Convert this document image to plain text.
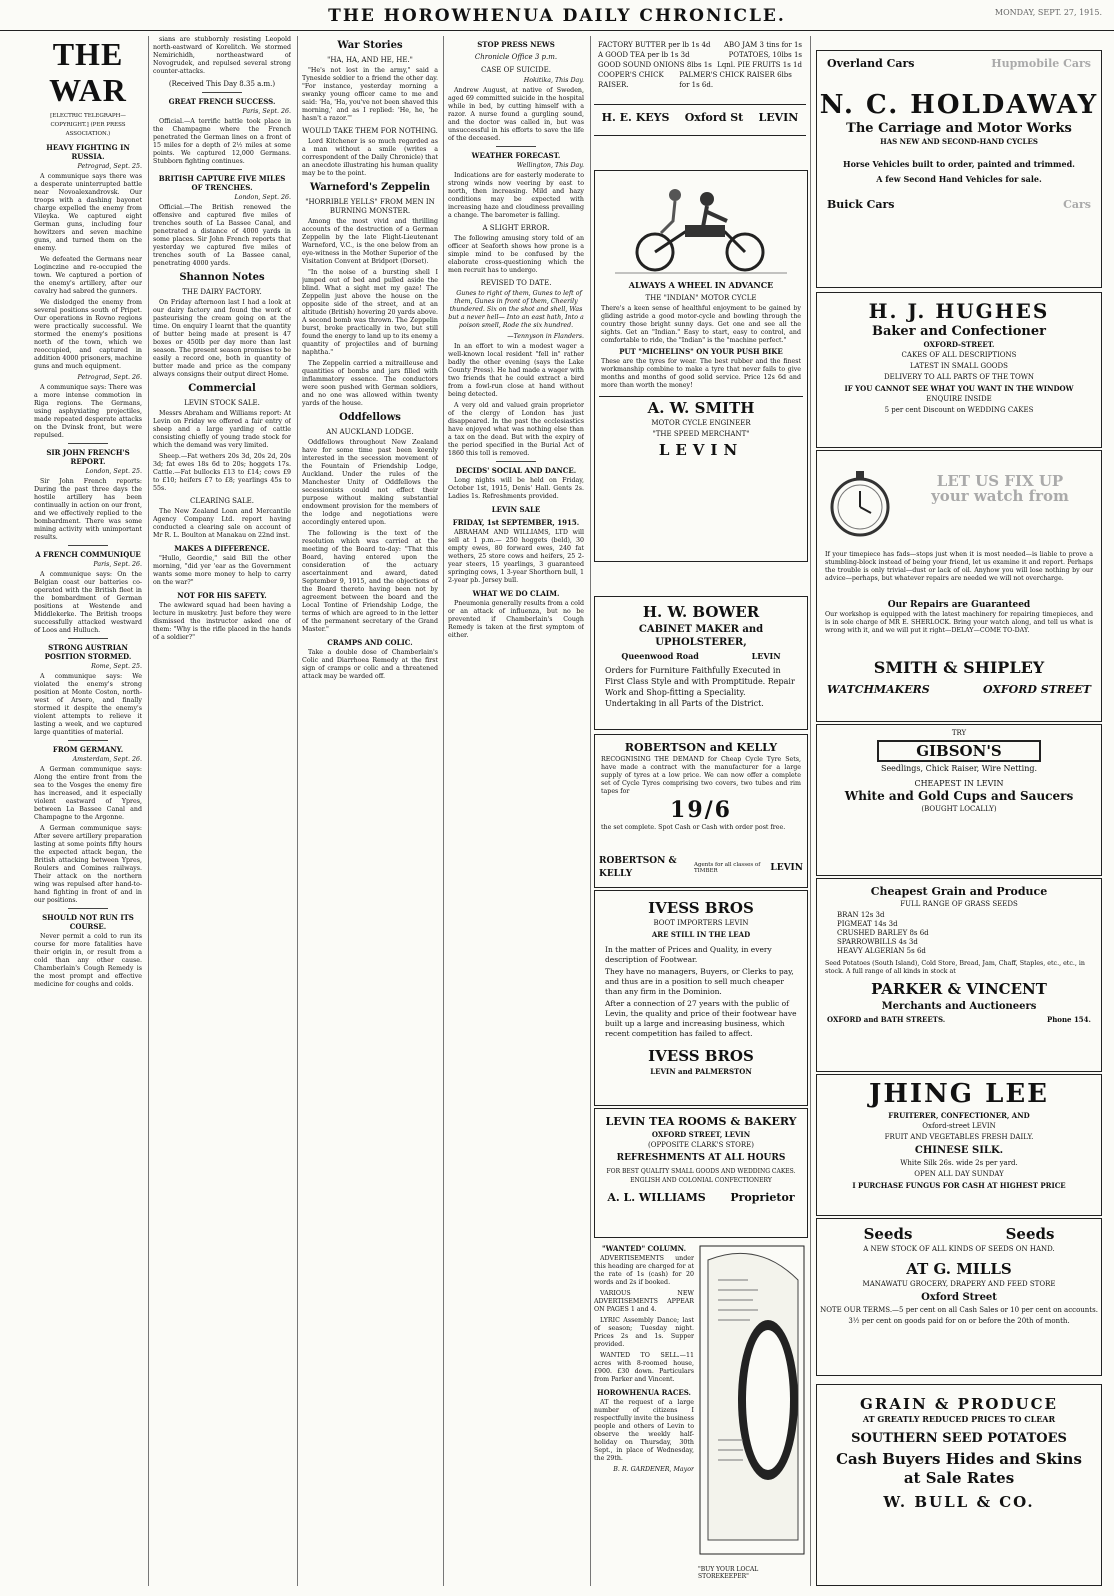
THE HOROWHENUA DAILY CHRONICLE.	MONDAY, SEPT. 27, 1915.
THE WAR
[ELECTRIC TELEGRAPH—COPYRIGHT.] (PER PRESS ASSOCIATION.)
HEAVY FIGHTING IN RUSSIA.
Petrograd, Sept. 25.

A communique says there was a desperate uninterrupted battle near Novoalexandrovsk. Our troops with a dashing bayonet charge expelled the enemy from Vileyka. We captured eight German guns, including four howitzers and seven machine guns, and turned them on the enemy.

We defeated the Germans near Loginczine and re-occupied the town. We captured a portion of the enemy's artillery, after our cavalry had sabred the gunners.

We dislodged the enemy from several positions south of Pripet. Our operations in Rovno regions were practically successful. We stormed the enemy's positions north of the town, which we reoccupied, and captured in addition 4000 prisoners, machine guns and much equipment.

Petrograd, Sept. 26.

A communique says: There was a more intense commotion in Riga regions. The Germans, using asphyxiating projectiles, made repeated desperate attacks on the Dvinsk front, but were repulsed.

SIR JOHN FRENCH'S REPORT.
London, Sept. 25.

Sir John French reports: During the past three days the hostile artillery has been continually in action on our front, and we effectively replied to the bombardment. There was some mining activity with unimportant results.

A FRENCH COMMUNIQUE
Paris, Sept. 26.

A communique says: On the Belgian coast our batteries co-operated with the British fleet in the bombardment of German positions at Westende and Middlekerke. The British troops successfully attacked westward of Loos and Hulluch.

STRONG AUSTRIAN POSITION STORMED.
Rome, Sept. 25.

A communique says: We violated the enemy's strong position at Monte Coston, north-west of Arsero, and finally stormed it despite the enemy's violent attempts to relieve it lasting a week, and we captured large quantities of material.

FROM GERMANY.
Amsterdam, Sept. 26.

A German communique says: Along the entire front from the sea to the Vosges the enemy fire has increased, and it especially violent eastward of Ypres, between La Bassee Canal and Champagne to the Argonne.

A German communique says: After severe artillery preparation lasting at some points fifty hours the expected attack began, the British attacking between Ypres, Roulers and Comines railways. Their attack on the northern wing was repulsed after hand-to-hand fighting in front of and in our positions.

SHOULD NOT RUN ITS COURSE.

Never permit a cold to run its course for more fatalities have their origin in, or result from a cold than any other cause. Chamberlain's Cough Remedy is the most prompt and effective medicine for coughs and colds.

sians are stubbornly resisting Leopold north-eastward of Korelitch. We stormed Nemirichidh, northeastward of Novogrudek, and repulsed several strong counter-attacks.

(Received This Day 8.35 a.m.)
GREAT FRENCH SUCCESS.
Paris, Sept. 26.

Official.—A terrific battle took place in the Champagne where the French penetrated the German lines on a front of 15 miles for a depth of 2½ miles at some points. We captured 12,000 Germans. Stubborn fighting continues.

BRITISH CAPTURE FIVE MILES OF TRENCHES.
London, Sept. 26.

Official.—The British renewed the offensive and captured five miles of trenches south of La Bassee Canal, and penetrated a distance of 4000 yards in some places. Sir John French reports that yesterday we captured five miles of trenches south of La Bassee canal, penetrating 4000 yards.

Shannon Notes
THE DAIRY FACTORY.

On Friday afternoon last I had a look at our dairy factory and found the work of pasteurising the cream going on at the time. On enquiry I learnt that the quantity of butter being made at present is 47 boxes or 450lb per day more than last season. The present season promises to be easily a record one, both in quantity of butter made and price as the company always consigns their output direct Home.

Commercial
LEVIN STOCK SALE.

Messrs Abraham and Williams report: At Levin on Friday we offered a fair entry of sheep and a large yarding of cattle consisting chiefly of young trade stock for which the demand was very limited.

Sheep.—Fat wethers 20s 3d, 20s 2d, 20s 3d; fat ewes 18s 6d to 20s; hoggets 17s. Cattle.—Fat bullocks £13 to £14; cows £9 to £10; heifers £7 to £8; yearlings 45s to 55s.

CLEARING SALE.

The New Zealand Loan and Mercantile Agency Company Ltd. report having conducted a clearing sale on account of Mr R. L. Boulton at Manakau on 22nd inst.

MAKES A DIFFERENCE.

"Hullo, Geordie," said Bill the other morning, "did yer 'ear as the Government wants some more money to help to carry on the war?"

NOT FOR HIS SAFETY.

The awkward squad had been having a lecture in musketry. Just before they were dismissed the instructor asked one of them: "Why is the rifle placed in the hands of a soldier?"

War Stories
"HA, HA, AND HE, HE."

"He's not lost in the army," said a Tyneside soldier to a friend the other day. "For instance, yesterday morning a swanky young officer came to me and said: 'Ha, 'Ha, you've not been shaved this morning,' and as I replied: 'He, he, 'he hasn't a razor.'"

WOULD TAKE THEM FOR NOTHING.

Lord Kitchener is so much regarded as a man without a smile (writes a correspondent of the Daily Chronicle) that an anecdote illustrating his human quality may be to the point.

Warneford's Zeppelin
"HORRIBLE YELLS" FROM MEN IN BURNING MONSTER.

Among the most vivid and thrilling accounts of the destruction of a German Zeppelin by the late Flight-Lieutenant Warneford, V.C., is the one below from an eye-witness in the Mother Superior of the Visitation Convent at Bridport (Dorset).

"In the noise of a bursting shell I jumped out of bed and pulled aside the blind. What a sight met my gaze! The Zeppelin just above the house on the opposite side of the street, and at an altitude (British) hovering 20 yards above. A second bomb was thrown. The Zeppelin burst, broke practically in two, but still found the energy to land up to its enemy a quantity of projectiles and of burning naphtha."

The Zeppelin carried a mitrailleuse and quantities of bombs and jars filled with inflammatory essence. The conductors were soon pushed with German soldiers, and no one was allowed within twenty yards of the house.

Oddfellows
AN AUCKLAND LODGE.

Oddfellows throughout New Zealand have for some time past been keenly interested in the secession movement of the Fountain of Friendship Lodge, Auckland. Under the rules of the Manchester Unity of Oddfellows the secessionists could not effect their purpose without making substantial endowment provision for the members of the lodge and negotiations were accordingly entered upon.

The following is the text of the resolution which was carried at the meeting of the Board to-day: "That this Board, having entered upon the consideration of the actuary ascertainment and award, dated September 9, 1915, and the objections of the Board thereto having been not by agreement between the board and the Local Tontine of Friendship Lodge, the terms of which are agreed to in the letter of the permanent secretary of the Grand Master."

CRAMPS AND COLIC.

Take a double dose of Chamberlain's Colic and Diarrhoea Remedy at the first sign of cramps or colic and a threatened attack may be warded off.

STOP PRESS NEWS
Chronicle Office 3 p.m.
CASE OF SUICIDE.
Hokitika, This Day.

Andrew August, at native of Sweden, aged 69 committed suicide in the hospital while in bed, by cutting himself with a razor. A nurse found a gurgling sound, and the doctor was called in, but was unsuccessful in his efforts to save the life of the deceased.

WEATHER FORECAST.
Wellington, This Day.

Indications are for easterly moderate to strong winds now veering by east to north, then increasing. Mild and hazy conditions may be expected with increasing haze and cloudiness prevailing a change. The barometer is falling.

A SLIGHT ERROR.

The following amusing story told of an officer at Seaforth shows how prone is a simple mind to be confused by the elaborate cross-questioning which the men recruit has to undergo.

REVISED TO DATE.

Gunes to right of them, Gunes to left of them, Gunes in front of them, Cheerily thundered. Six on the shot and shell, Was but a never hell— Into an east hath, Into a poison smell, Rode the six hundred.

—Tennyson in Flanders.

In an effort to win a modest wager a well-known local resident "fell in" rather badly the other evening (says the Lake County Press). He had made a wager with two friends that he could extract a bird from a fowl-run close at hand without being detected.

A very old and valued grain proprietor of the clergy of London has just disappeared. In the past the ecclesiastics have enjoyed what was nothing else than a tax on the dead. But with the expiry of the period specified in the Burial Act of 1860 this toll is removed.

DECIDS' SOCIAL AND DANCE.

Long nights will be held on Friday, October 1st, 1915, Denis' Hall. Gents 2s. Ladies 1s. Refreshments provided.

LEVIN SALE
FRIDAY, 1st SEPTEMBER, 1915.

ABRAHAM AND WILLIAMS, LTD will sell at 1 p.m.— 250 hoggets (beld), 30 empty ewes, 80 forward ewes, 240 fat wethers, 25 store cows and heifers, 25 2-year steers, 15 yearlings, 3 guaranteed springing cows, 1 3-year Shorthorn bull, 1 2-year pb. Jersey bull.

WHAT WE DO CLAIM.

Pneumonia generally results from a cold or an attack of influenza, but no be prevented if Chamberlain's Cough Remedy is taken at the first symptom of either.

FACTORY BUTTER per lb 1s 4d ABO JAM 3 tins for 1s
A GOOD TEA per lb 1s 3d	POTATOES, 10lbs 1s
GOOD SOUND ONIONS 8lbs 1s Lqnl. PIE FRUITS 1s 1d
COOPER'S CHICK RAISER.
PALMER'S CHICK RAISER 6lbs for 1s 6d.
H. E. KEYS Oxford St LEVIN
ALWAYS A WHEEL IN ADVANCE
THE "INDIAN" MOTOR CYCLE

There's a keen sense of healthful enjoyment to be gained by gliding astride a good motor-cycle and bowling through the country those bright sunny days. Get one and see all the sights. Get an "Indian." Easy to start, easy to control, and comfortable to ride, the "Indian" is the "machine perfect."

PUT "MICHELINS" ON YOUR PUSH BIKE

These are the tyres for wear. The best rubber and the finest workmanship combine to make a tyre that never fails to give months and months of good solid service. Price 12s 6d and more than worth the money!

A. W. SMITH
MOTOR CYCLE ENGINEER
"THE SPEED MERCHANT"
LEVIN
H. W. BOWER
CABINET MAKER and UPHOLSTERER,
Queenwood Road	LEVIN

Orders for Furniture Faithfully Executed in First Class Style and with Promptitude. Repair Work and Shop-fitting a Speciality. Undertaking in all Parts of the District.

ROBERTSON and KELLY

RECOGNISING THE DEMAND for Cheap Cycle Tyre Sets, have made a contract with the manufacturer for a large supply of tyres at a low price. We can now offer a complete set of Cycle Tyres comprising two covers, two tubes and rim tapes for

19/6

the set complete. Spot Cash or Cash with order post free.

ROBERTSON & KELLY
Agents for all classes of TIMBER	LEVIN
IVESS BROS
BOOT IMPORTERS LEVIN
ARE STILL IN THE LEAD

In the matter of Prices and Quality, in every description of Footwear.

They have no managers, Buyers, or Clerks to pay, and thus are in a position to sell much cheaper than any firm in the Dominion.

After a connection of 27 years with the public of Levin, the quality and price of their footwear have built up a large and increasing business, which recent competition has failed to affect.

IVESS BROS
LEVIN and PALMERSTON
LEVIN TEA ROOMS & BAKERY
OXFORD STREET, LEVIN
(OPPOSITE CLARK'S STORE)
REFRESHMENTS AT ALL HOURS
FOR BEST QUALITY SMALL GOODS AND WEDDING CAKES. ENGLISH AND COLONIAL CONFECTIONERY
A. L. WILLIAMS Proprietor
"WANTED" COLUMN.

ADVERTISEMENTS under this heading are charged for at the rate of 1s (cash) for 20 words and 2s if booked.

VARIOUS NEW ADVERTISEMENTS APPEAR ON PAGES 1 and 4.

LYRIC Assembly Dance; last of season; Tuesday night. Prices 2s and 1s. Supper provided.

WANTED TO SELL.—11 acres with 8-roomed house, £900. £30 down. Particulars from Parker and Vincent.

HOROWHENUA RACES.

AT the request of a large number of citizens I respectfully invite the business people and others of Levin to observe the weekly half-holiday on Thursday, 30th Sept., in place of Wednesday, the 29th.

B. R. GARDENER, Mayor
"BUY YOUR LOCAL STOREKEEPER"
Overland Cars	Hupmobile Cars
N. C. HOLDAWAY
The Carriage and Motor Works
HAS NEW AND SECOND-HAND CYCLES
Horse Vehicles built to order, painted and trimmed.
A few Second Hand Vehicles for sale.
Buick Cars	Cars
H. J. HUGHES
Baker and Confectioner
OXFORD-STREET.
CAKES OF ALL DESCRIPTIONS
LATEST IN SMALL GOODS
DELIVERY TO ALL PARTS OF THE TOWN
IF YOU CANNOT SEE WHAT YOU WANT IN THE WINDOW
ENQUIRE INSIDE
5 per cent Discount on WEDDING CAKES
LET US FIX UP
your watch from

If your timepiece has fads—stops just when it is most needed—is liable to prove a stumbling-block instead of being your friend, let us examine it and report. Perhaps the trouble is only trivial—dust or lack of oil. Anyhow you will lose nothing by our advice—perhaps, but whatever repairs are needed we will not overcharge.

Our Repairs are Guaranteed

Our workshop is equipped with the latest machinery for repairing timepieces, and is in sole charge of MR E. SHERLOCK. Bring your watch along, and tell us what is wrong with it, and we will put it right—DELAY—COME TO-DAY.

SMITH & SHIPLEY
WATCHMAKERS	OXFORD STREET
TRY
GIBSON'S
Seedlings, Chick Raiser, Wire Netting.
CHEAPEST IN LEVIN
White and Gold Cups and Saucers
(BOUGHT LOCALLY)
Cheapest Grain and Produce
FULL RANGE OF GRASS SEEDS
BRAN 12s 3d
PIGMEAT 14s 3d
CRUSHED BARLEY 8s 6d
SPARROWBILLS 4s 3d
HEAVY ALGERIAN 5s 6d

Seed Potatoes (South Island), Cold Store, Bread, Jam, Chaff, Staples, etc., etc., in stock. A full range of all kinds in stock at

PARKER & VINCENT
Merchants and Auctioneers
OXFORD and BATH STREETS.	Phone 154.
JHING LEE
FRUITERER, CONFECTIONER, AND
Oxford-street LEVIN
FRUIT AND VEGETABLES FRESH DAILY.
CHINESE SILK.
White Silk 26s. wide 2s per yard.
OPEN ALL DAY SUNDAY
I PURCHASE FUNGUS FOR CASH AT HIGHEST PRICE
Seeds	Seeds
A NEW STOCK OF ALL KINDS OF SEEDS ON HAND.
AT G. MILLS
MANAWATU GROCERY, DRAPERY AND FEED STORE
Oxford Street
NOTE OUR TERMS.—5 per cent on all Cash Sales or 10 per cent on accounts.
3½ per cent on goods paid for on or before the 20th of month.
GRAIN & PRODUCE
AT GREATLY REDUCED PRICES TO CLEAR
SOUTHERN SEED POTATOES
Cash Buyers Hides and Skins
at Sale Rates
W. BULL & CO.
